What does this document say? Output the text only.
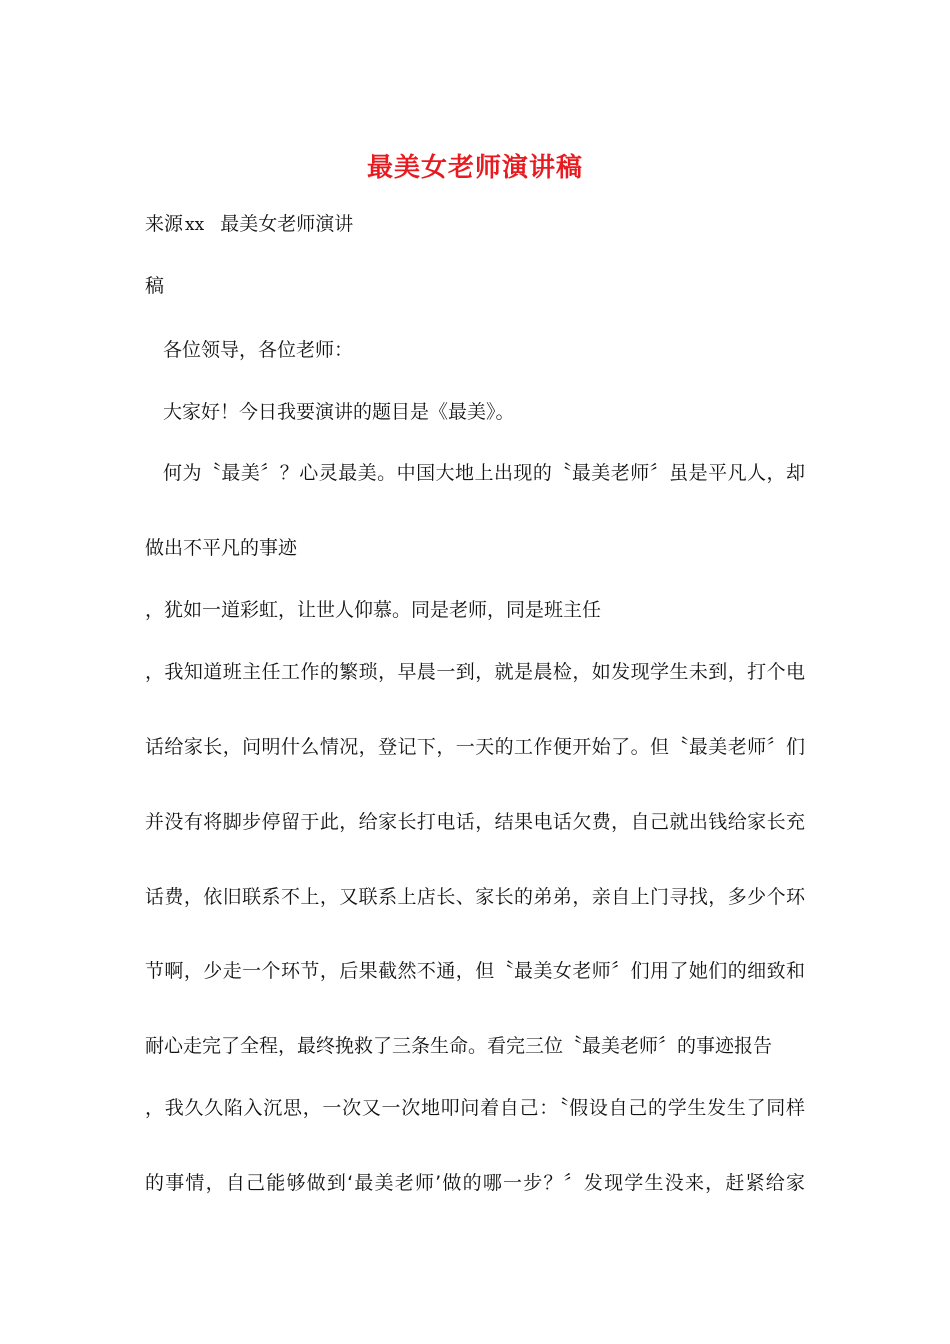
最美女老师演讲稿
来源 xx 最美女老师演讲
稿
各位领导，各位老师：
大家好！今日我要演讲的题目是《最美》。
何为〝最美〞？心灵最美。中国大地上出现的〝最美老师〞虽是平凡人，却
做出不平凡的事迹
，犹如一道彩虹，让世人仰慕。同是老师，同是班主任
，我知道班主任工作的繁琐，早晨一到，就是晨检，如发现学生未到，打个电
话给家长，问明什么情况，登记下，一天的工作便开始了。但〝最美老师〞们
并没有将脚步停留于此，给家长打电话，结果电话欠费，自己就出钱给家长充
话费，依旧联系不上，又联系上店长、家长的弟弟，亲自上门寻找，多少个环
节啊，少走一个环节，后果截然不通，但〝最美女老师〞们用了她们的细致和
耐心走完了全程，最终挽救了三条生命。看完三位〝最美老师〞的事迹报告
，我久久陷入沉思，一次又一次地叩问着自己：〝假设自己的学生发生了同样
的事情，自己能够做到‘最美老师’做的哪一步？〞发现学生没来，赶紧给家
